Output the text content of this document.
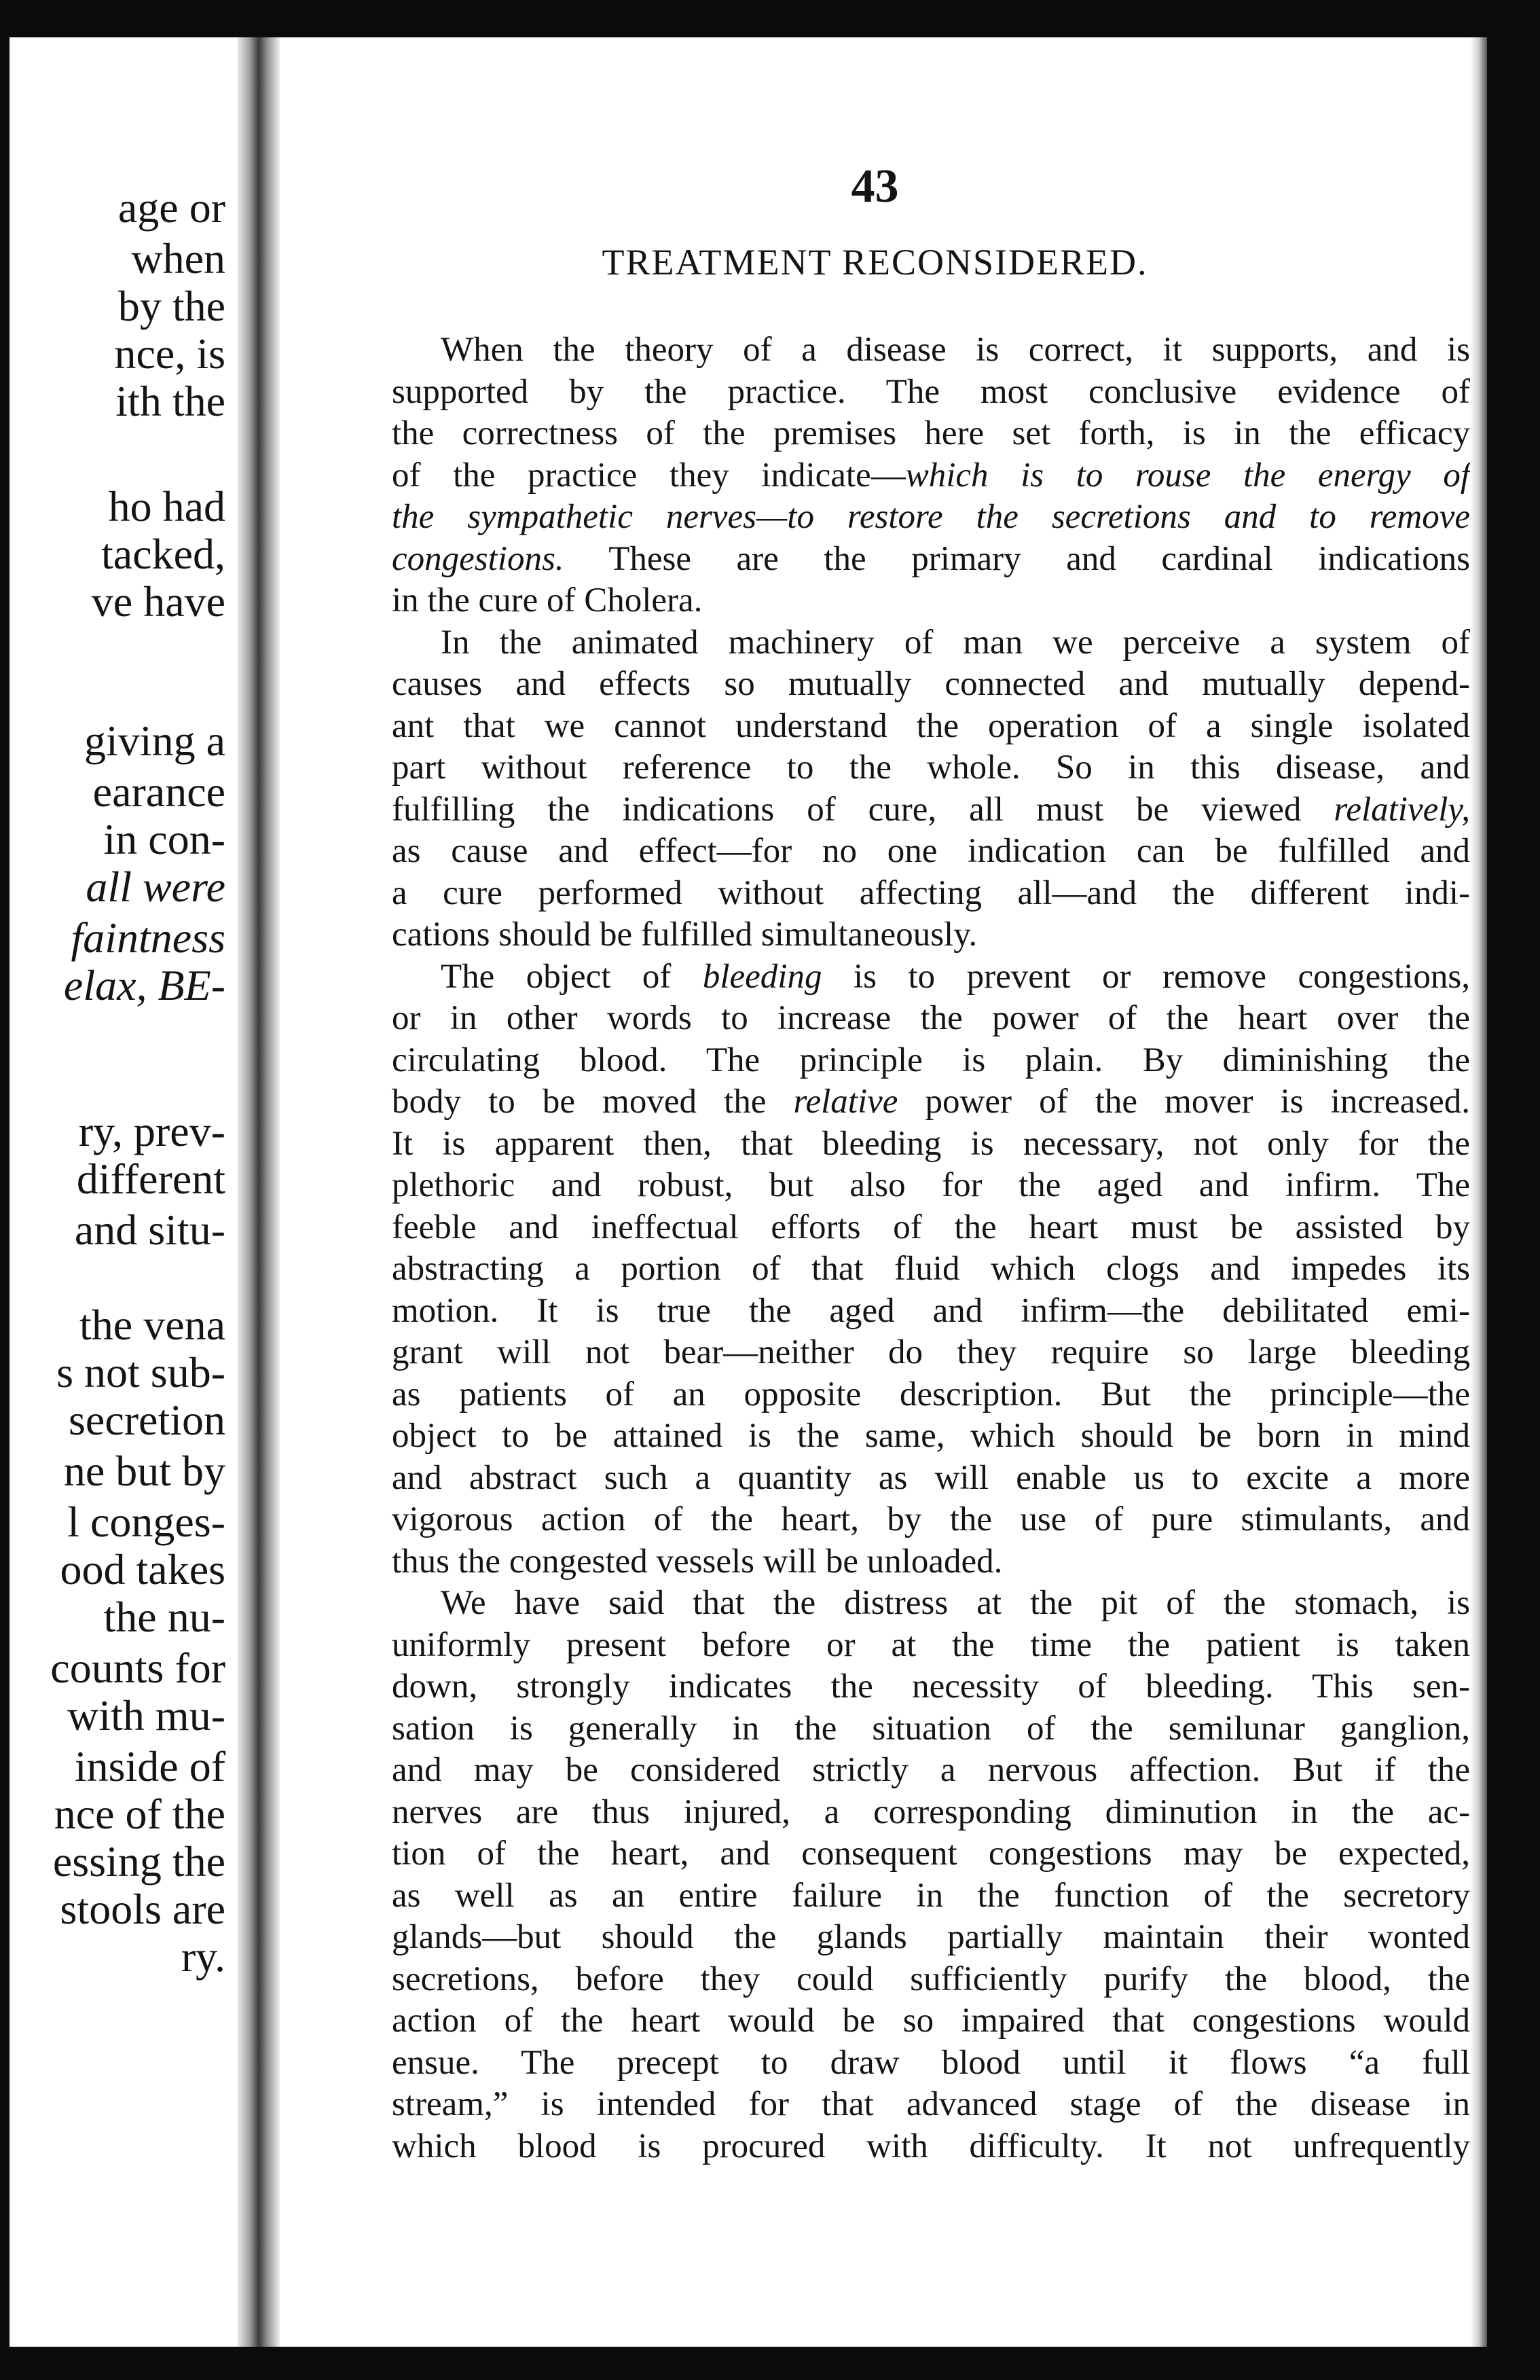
age or
when
by the
nce, is
ith the
ho had
tacked,
ve have
giving a
earance
in con-
all were
faintness
elax, BE-
ry, prev-
different
and situ-
the vena
s not sub-
secretion
ne but by
l conges-
ood takes
the nu-
counts for
with mu-
inside of
nce of the
essing the
stools are
ry.
43
TREATMENT RECONSIDERED.
When the theory of a disease is correct, it supports, and is
supported by the practice. The most conclusive evidence of
the correctness of the premises here set forth, is in the efficacy
of the practice they indicate—which is to rouse the energy of
the sympathetic nerves—to restore the secretions and to remove
congestions. These are the primary and cardinal indications
in the cure of Cholera.
In the animated machinery of man we perceive a system of
causes and effects so mutually connected and mutually depend-
ant that we cannot understand the operation of a single isolated
part without reference to the whole. So in this disease, and
fulfilling the indications of cure, all must be viewed relatively,
as cause and effect—for no one indication can be fulfilled and
a cure performed without affecting all—and the different indi-
cations should be fulfilled simultaneously.
The object of bleeding is to prevent or remove congestions,
or in other words to increase the power of the heart over the
circulating blood. The principle is plain. By diminishing the
body to be moved the relative power of the mover is increased.
It is apparent then, that bleeding is necessary, not only for the
plethoric and robust, but also for the aged and infirm. The
feeble and ineffectual efforts of the heart must be assisted by
abstracting a portion of that fluid which clogs and impedes its
motion. It is true the aged and infirm—the debilitated emi-
grant will not bear—neither do they require so large bleeding
as patients of an opposite description. But the principle—the
object to be attained is the same, which should be born in mind
and abstract such a quantity as will enable us to excite a more
vigorous action of the heart, by the use of pure stimulants, and
thus the congested vessels will be unloaded.
We have said that the distress at the pit of the stomach, is
uniformly present before or at the time the patient is taken
down, strongly indicates the necessity of bleeding. This sen-
sation is generally in the situation of the semilunar ganglion,
and may be considered strictly a nervous affection. But if the
nerves are thus injured, a corresponding diminution in the ac-
tion of the heart, and consequent congestions may be expected,
as well as an entire failure in the function of the secretory
glands—but should the glands partially maintain their wonted
secretions, before they could sufficiently purify the blood, the
action of the heart would be so impaired that congestions would
ensue. The precept to draw blood until it flows “a full
stream,” is intended for that advanced stage of the disease in
which blood is procured with difficulty. It not unfrequently
